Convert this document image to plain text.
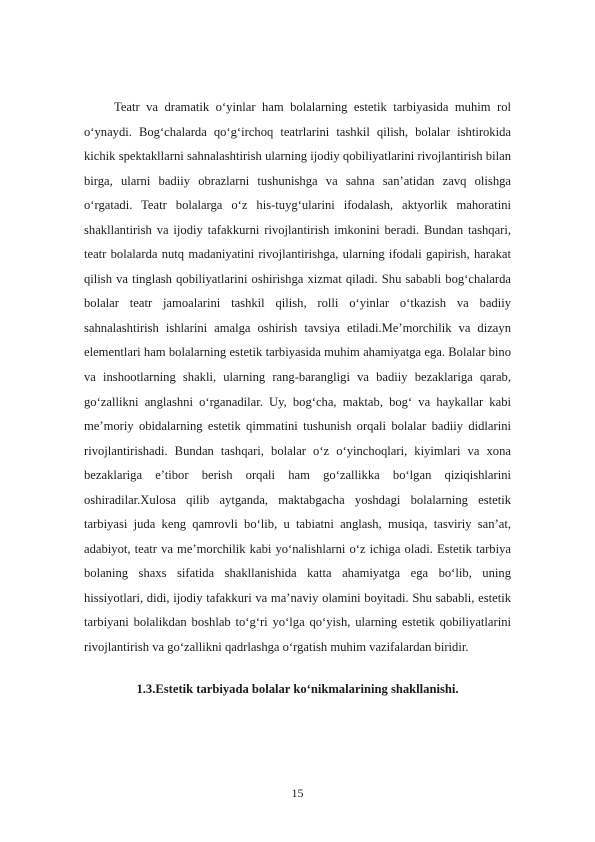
Teatr va dramatik o‘yinlar ham bolalarning estetik tarbiyasida muhim rol o‘ynaydi. Bog‘chalarda qo‘g‘irchoq teatrlarini tashkil qilish, bolalar ishtirokida kichik spektakllarni sahnalashtirish ularning ijodiy qobiliyatlarini rivojlantirish bilan birga, ularni badiiy obrazlarni tushunishga va sahna san’atidan zavq olishga o‘rgatadi. Teatr bolalarga o‘z his-tuyg‘ularini ifodalash, aktyorlik mahoratini shakllantirish va ijodiy tafakkurni rivojlantirish imkonini beradi. Bundan tashqari, teatr bolalarda nutq madaniyatini rivojlantirishga, ularning ifodali gapirish, harakat qilish va tinglash qobiliyatlarini oshirishga xizmat qiladi. Shu sababli bog‘chalarda bolalar teatr jamoalarini tashkil qilish, rolli o‘yinlar o‘tkazish va badiiy sahnalashtirish ishlarini amalga oshirish tavsiya etiladi.Me’morchilik va dizayn elementlari ham bolalarning estetik tarbiyasida muhim ahamiyatga ega. Bolalar bino va inshootlarning shakli, ularning rang-barangligi va badiiy bezaklariga qarab, go‘zallikni anglashni o‘rganadilar. Uy, bog‘cha, maktab, bog‘ va haykallar kabi me’moriy obidalarning estetik qimmatini tushunish orqali bolalar badiiy didlarini rivojlantirishadi. Bundan tashqari, bolalar o‘z o‘yinchoqlari, kiyimlari va xona bezaklariga e’tibor berish orqali ham go‘zallikka bo‘lgan qiziqishlarini oshiradilar.Xulosa qilib aytganda, maktabgacha yoshdagi bolalarning estetik tarbiyasi juda keng qamrovli bo‘lib, u tabiatni anglash, musiqa, tasviriy san’at, adabiyot, teatr va me’morchilik kabi yo‘nalishlarni o‘z ichiga oladi. Estetik tarbiya bolaning shaxs sifatida shakllanishida katta ahamiyatga ega bo‘lib, uning hissiyotlari, didi, ijodiy tafakkuri va ma’naviy olamini boyitadi. Shu sababli, estetik tarbiyani bolalikdan boshlab to‘g‘ri yo‘lga qo‘yish, ularning estetik qobiliyatlarini rivojlantirish va go‘zallikni qadrlashga o‘rgatish muhim vazifalardan biridir.

1.3.Estetik tarbiyada bolalar ko‘nikmalarining shakllanishi.

15
